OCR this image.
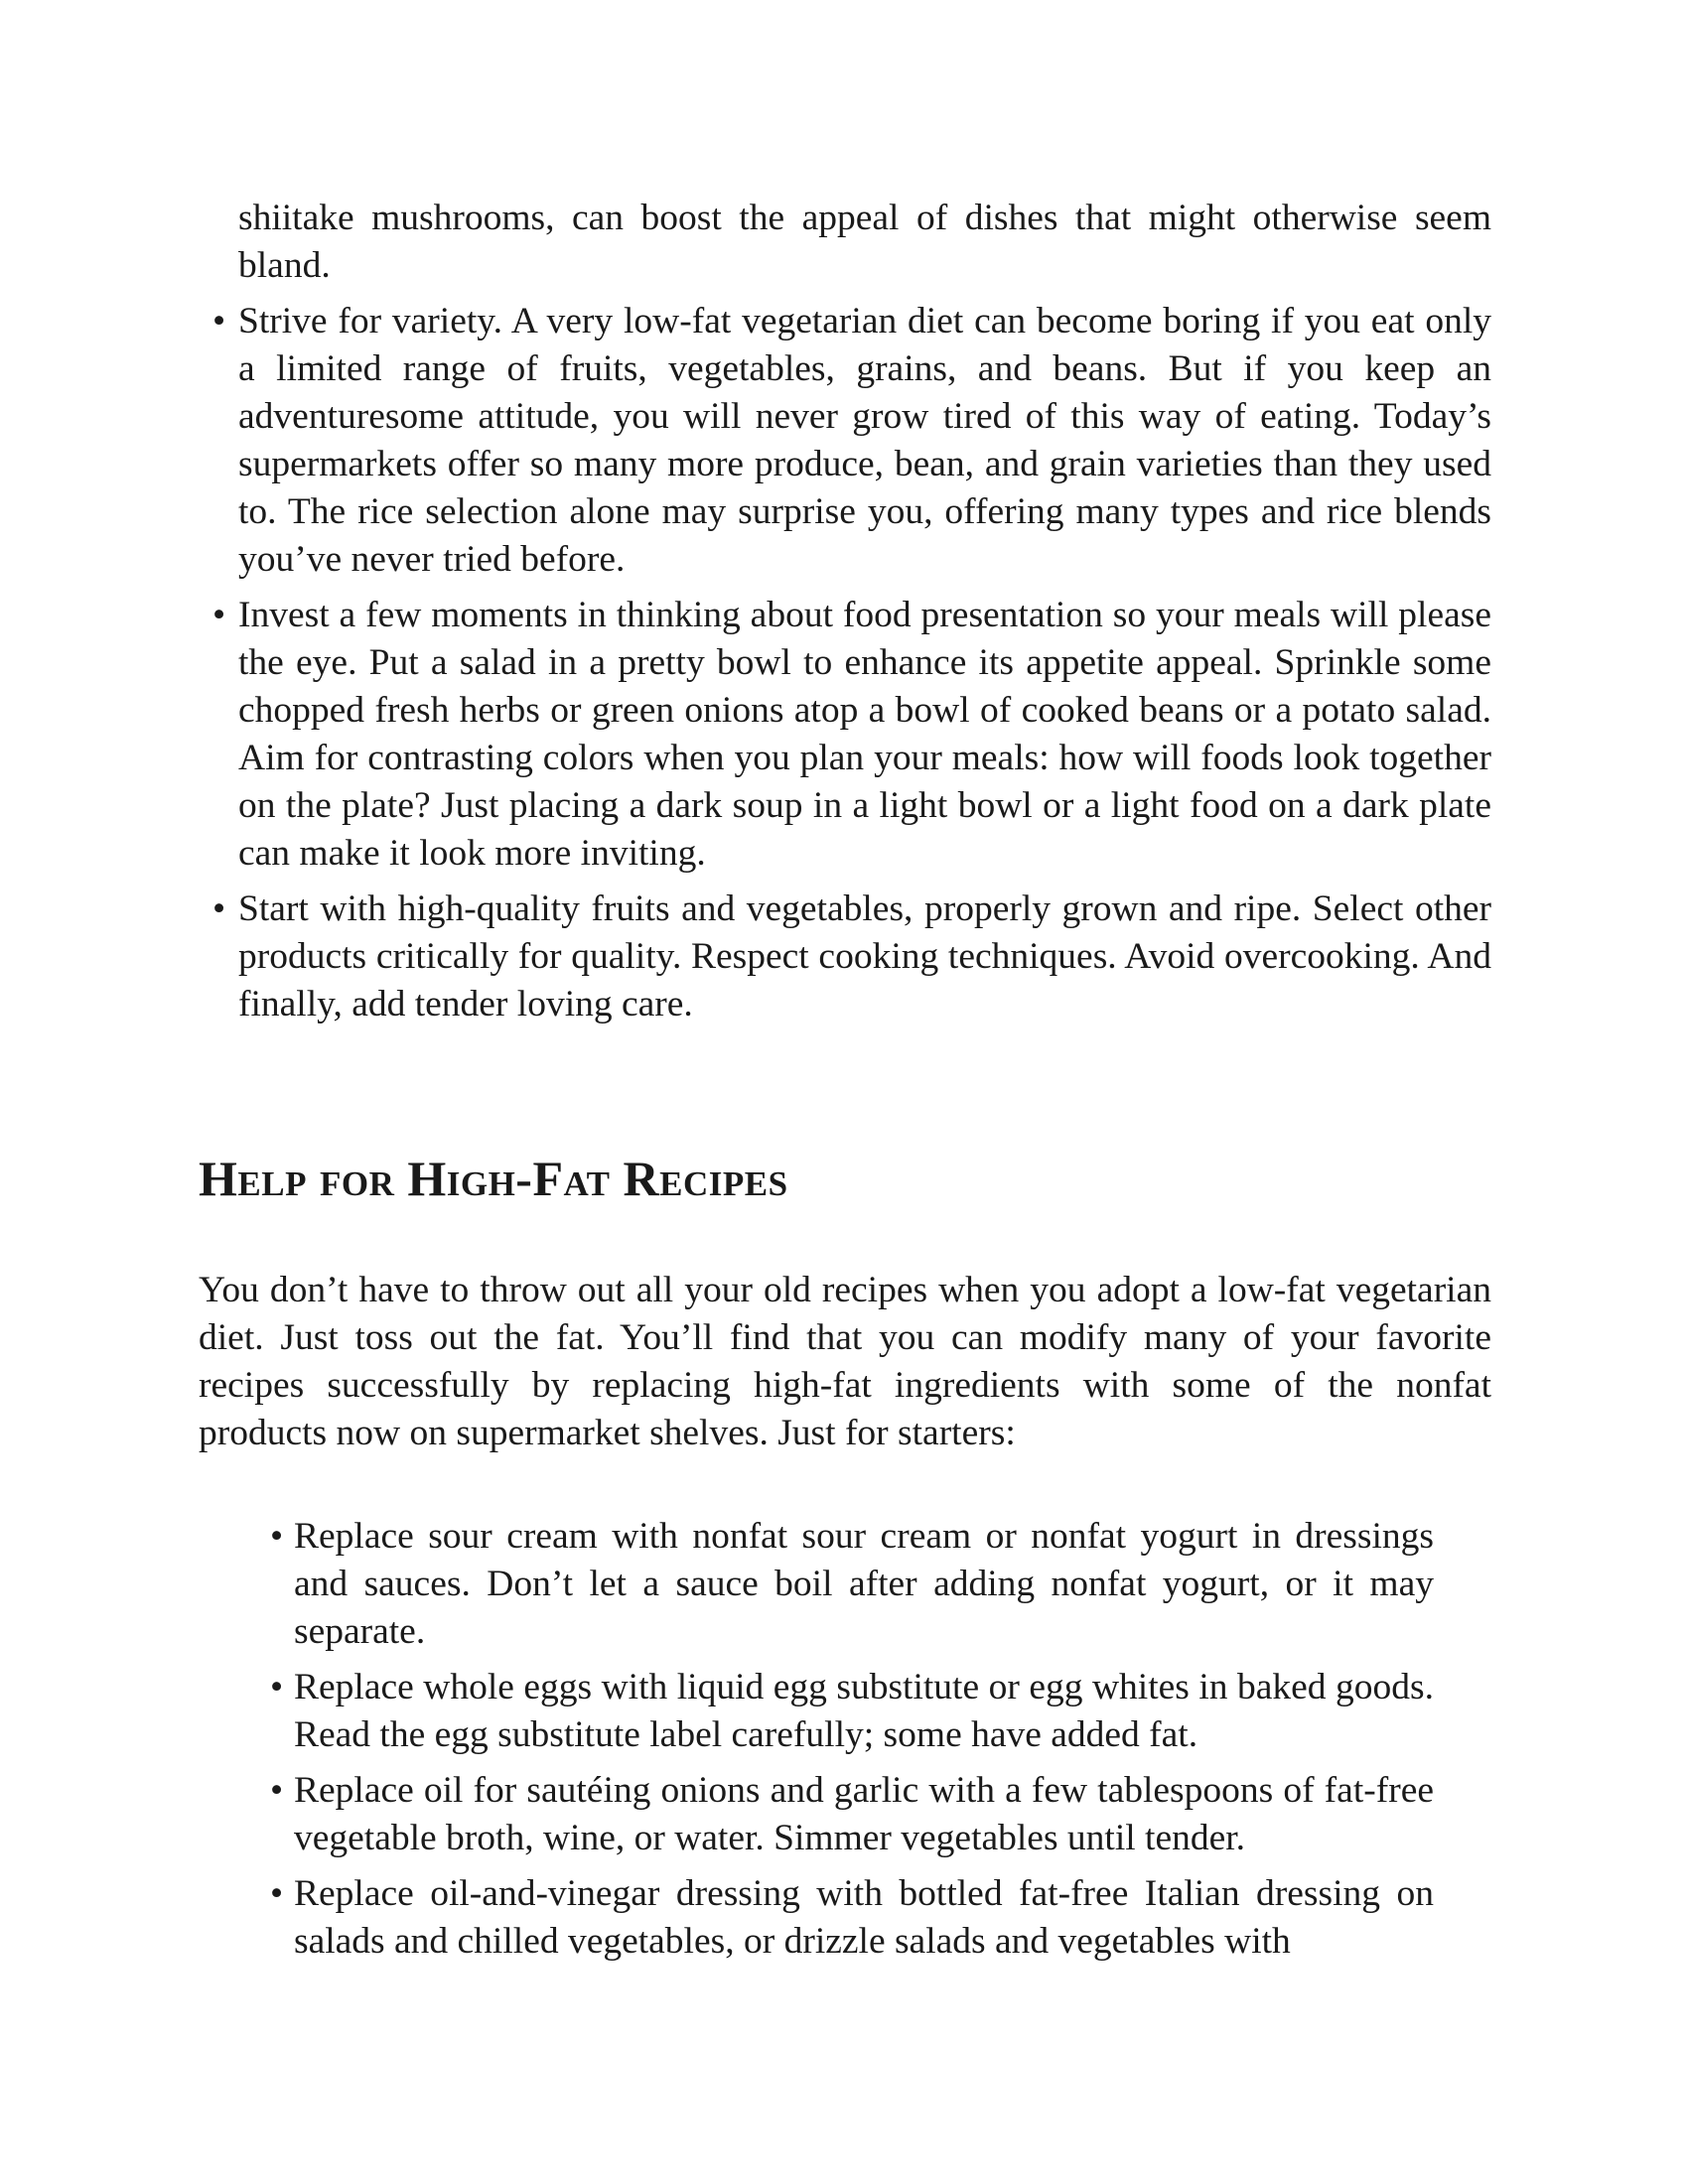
shiitake mushrooms, can boost the appeal of dishes that might otherwise seem bland.
• Strive for variety. A very low-fat vegetarian diet can become boring if you eat only a limited range of fruits, vegetables, grains, and beans. But if you keep an adventuresome attitude, you will never grow tired of this way of eating. Today’s supermarkets offer so many more produce, bean, and grain varieties than they used to. The rice selection alone may surprise you, offering many types and rice blends you’ve never tried before.
• Invest a few moments in thinking about food presentation so your meals will please the eye. Put a salad in a pretty bowl to enhance its appetite appeal. Sprinkle some chopped fresh herbs or green onions atop a bowl of cooked beans or a potato salad. Aim for contrasting colors when you plan your meals: how will foods look together on the plate? Just placing a dark soup in a light bowl or a light food on a dark plate can make it look more inviting.
• Start with high-quality fruits and vegetables, properly grown and ripe. Select other products critically for quality. Respect cooking techniques. Avoid overcooking. And finally, add tender loving care.
Help for High-Fat Recipes

You don’t have to throw out all your old recipes when you adopt a low-fat vegetarian diet. Just toss out the fat. You’ll find that you can modify many of your favorite recipes successfully by replacing high-fat ingredients with some of the nonfat products now on supermarket shelves. Just for starters:

• Replace sour cream with nonfat sour cream or nonfat yogurt in dressings and sauces. Don’t let a sauce boil after adding nonfat yogurt, or it may separate.
• Replace whole eggs with liquid egg substitute or egg whites in baked goods. Read the egg substitute label carefully; some have added fat.
• Replace oil for sautéing onions and garlic with a few tablespoons of fat-free vegetable broth, wine, or water. Simmer vegetables until tender.
• Replace oil-and-vinegar dressing with bottled fat-free Italian dressing on salads and chilled vegetables, or drizzle salads and vegetables with
